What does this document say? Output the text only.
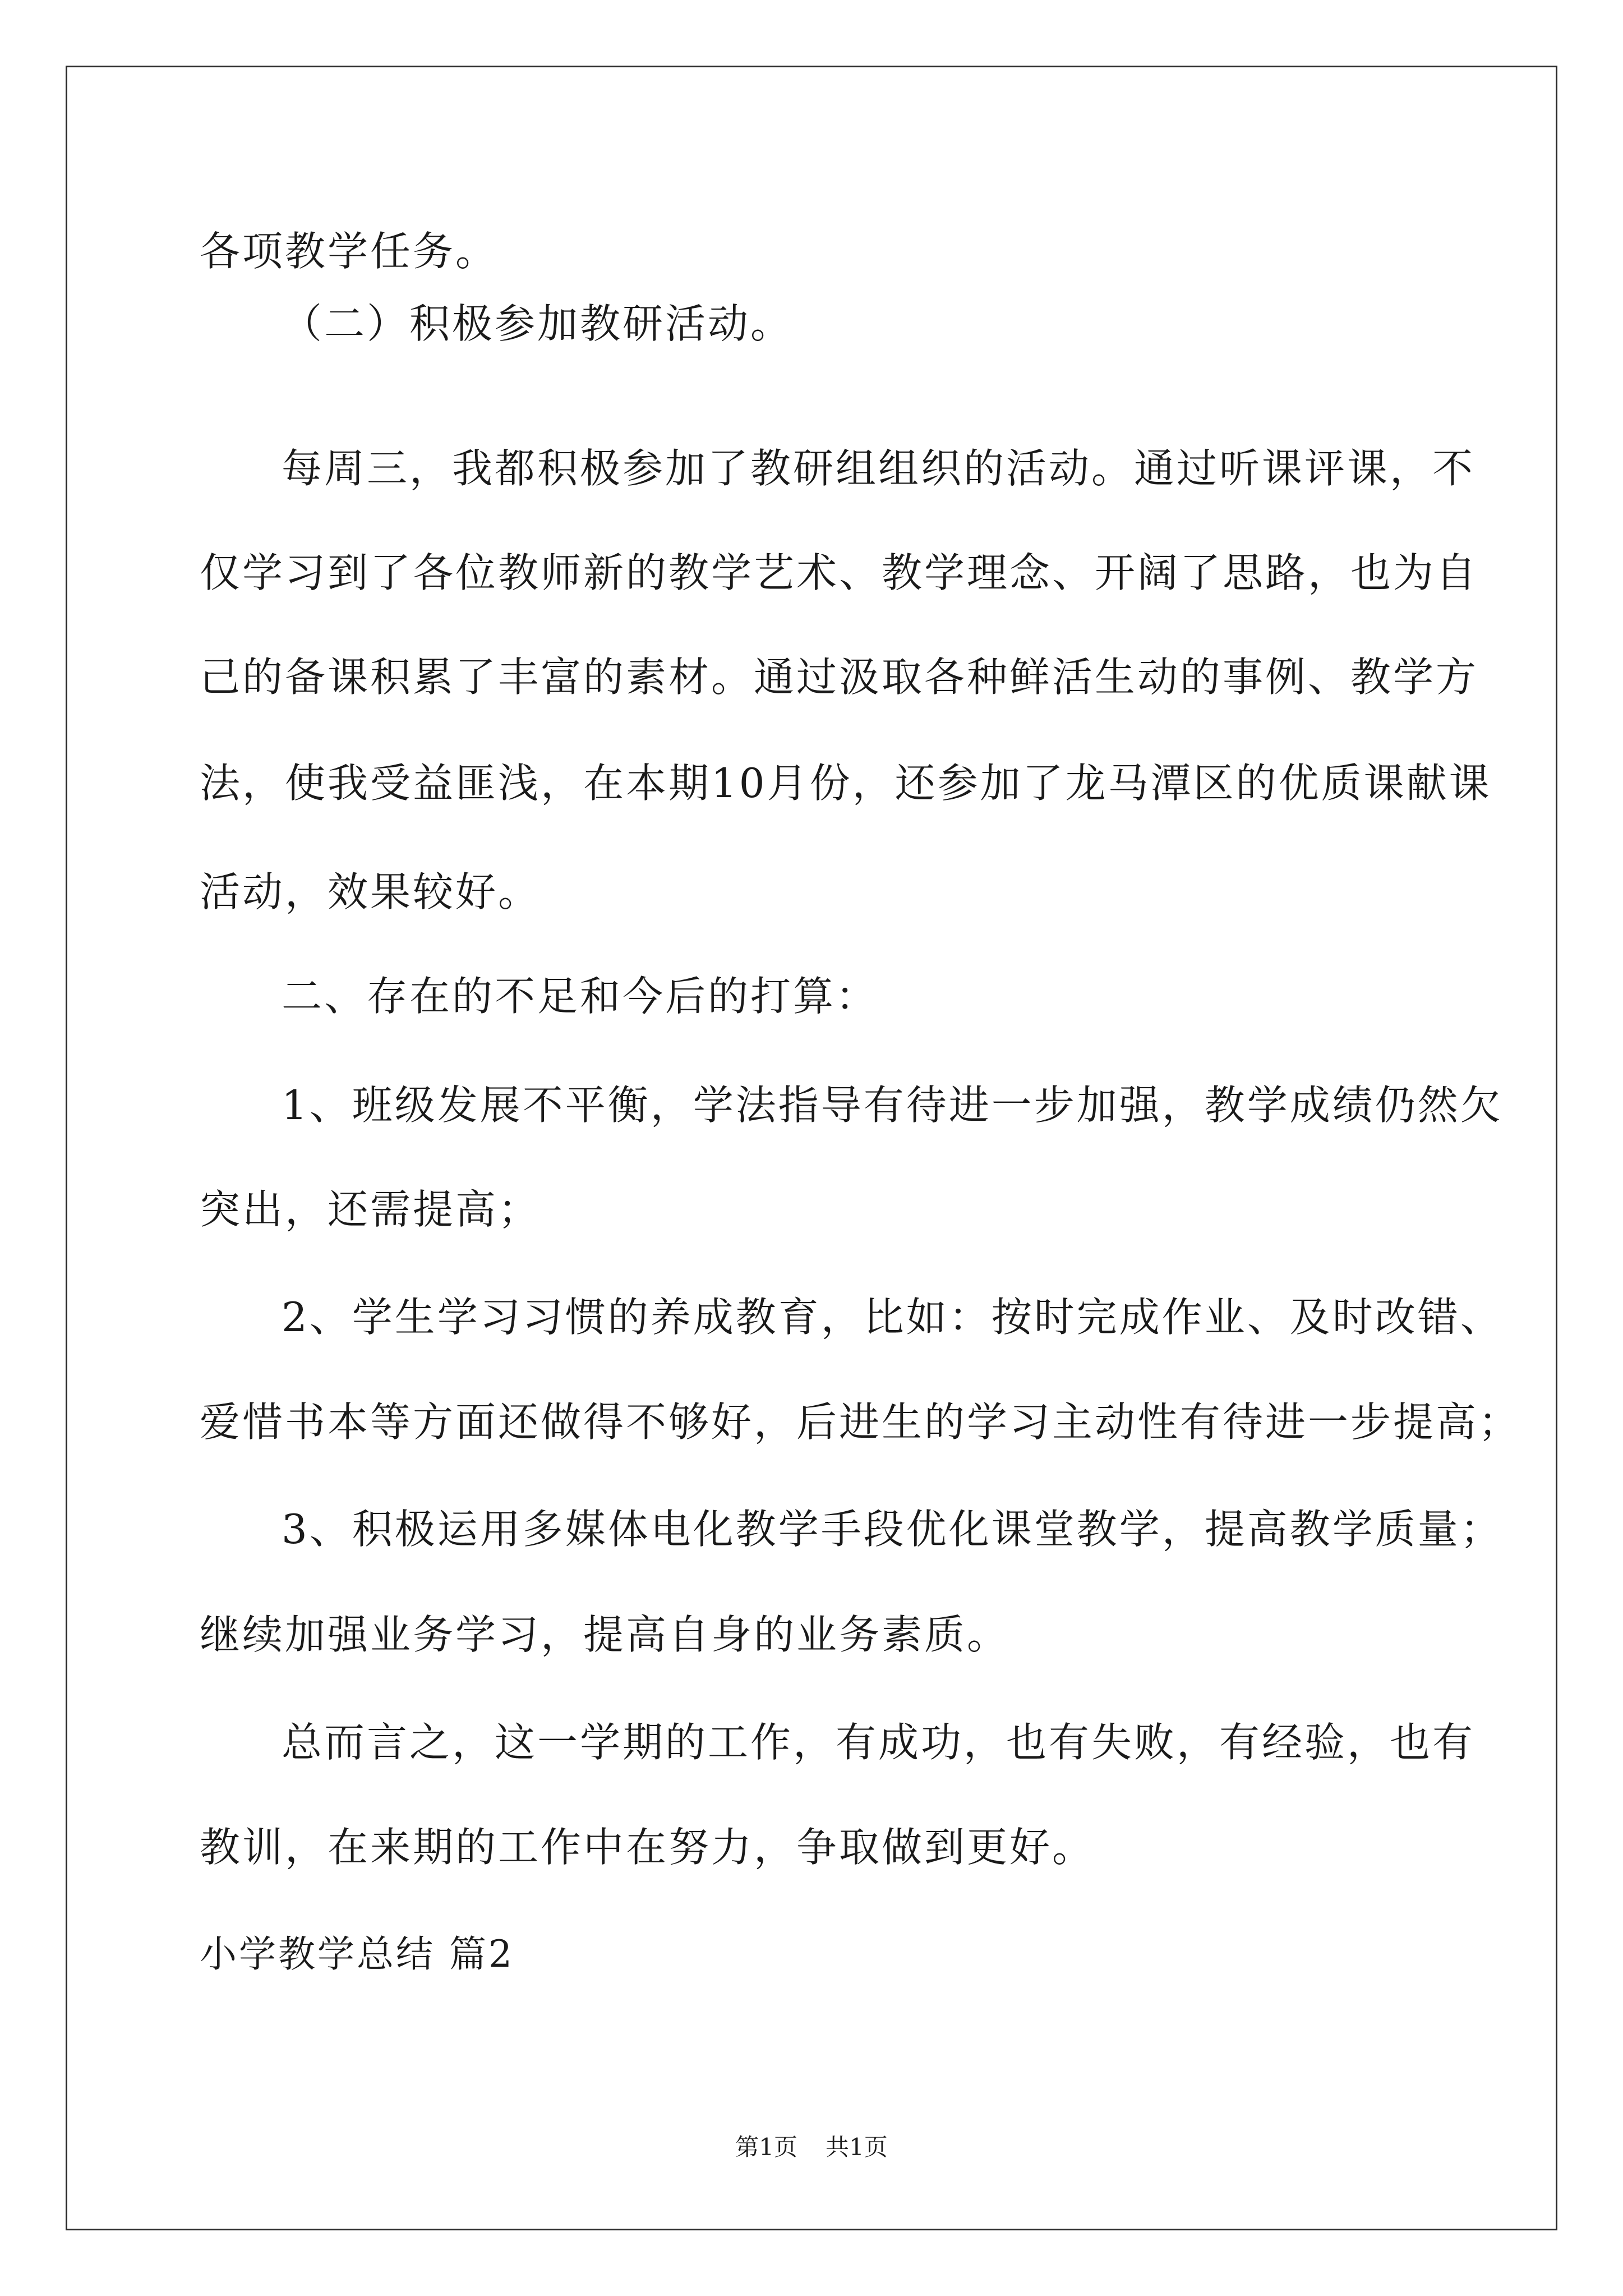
各项教学任务。
（二）积极参加教研活动。
每周三，我都积极参加了教研组组织的活动。通过听课评课，不
仅学习到了各位教师新的教学艺术、教学理念、开阔了思路，也为自
己的备课积累了丰富的素材。通过汲取各种鲜活生动的事例、教学方
法，使我受益匪浅，在本期10月份，还参加了龙马潭区的优质课献课
活动，效果较好。
二、存在的不足和今后的打算：
1、班级发展不平衡，学法指导有待进一步加强，教学成绩仍然欠
突出，还需提高；
2、学生学习习惯的养成教育，比如：按时完成作业、及时改错、
爱惜书本等方面还做得不够好，后进生的学习主动性有待进一步提高；
3、积极运用多媒体电化教学手段优化课堂教学，提高教学质量；
继续加强业务学习，提高自身的业务素质。
总而言之，这一学期的工作，有成功，也有失败，有经验，也有
教训，在来期的工作中在努力，争取做到更好。
小学教学总结 篇2
第1页 共1页
